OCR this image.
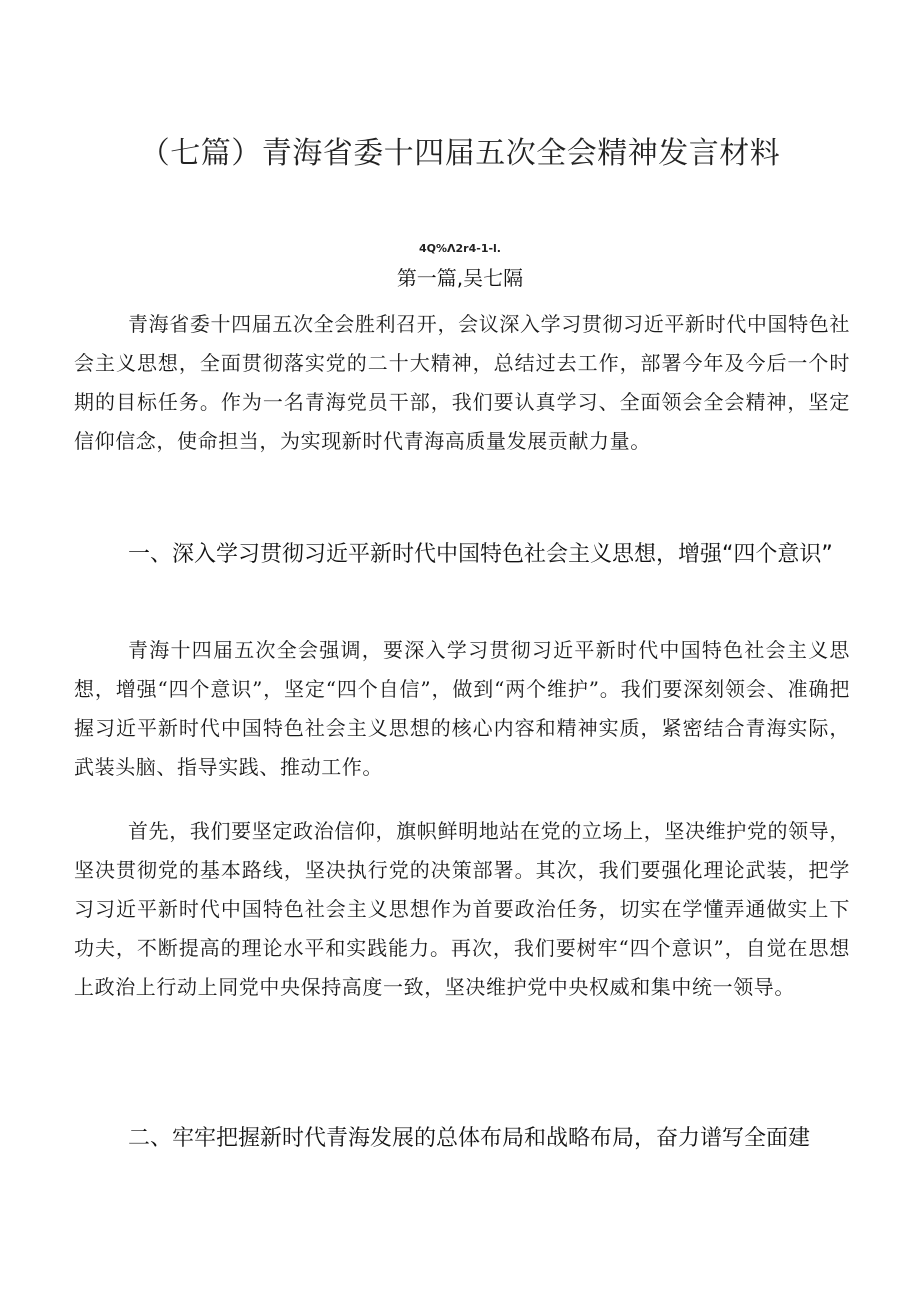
（七篇）青海省委十四届五次全会精神发言材料
4Q%Λ2r4-1-l.
第一篇,吴七隔
青海省委十四届五次全会胜利召开，会议深入学习贯彻习近平新时代中国特色社会主义思想，全面贯彻落实党的二十大精神，总结过去工作，部署今年及今后一个时期的目标任务。作为一名青海党员干部，我们要认真学习、全面领会全会精神，坚定信仰信念，使命担当，为实现新时代青海高质量发展贡献力量。
一、深入学习贯彻习近平新时代中国特色社会主义思想，增强“四个意识”
青海十四届五次全会强调，要深入学习贯彻习近平新时代中国特色社会主义思想，增强“四个意识”，坚定“四个自信”，做到“两个维护”。我们要深刻领会、准确把握习近平新时代中国特色社会主义思想的核心内容和精神实质，紧密结合青海实际，武装头脑、指导实践、推动工作。
首先，我们要坚定政治信仰，旗帜鲜明地站在党的立场上，坚决维护党的领导，坚决贯彻党的基本路线，坚决执行党的决策部署。其次，我们要强化理论武装，把学习习近平新时代中国特色社会主义思想作为首要政治任务，切实在学懂弄通做实上下功夫，不断提高的理论水平和实践能力。再次，我们要树牢“四个意识”，自觉在思想上政治上行动上同党中央保持高度一致，坚决维护党中央权威和集中统一领导。
二、牢牢把握新时代青海发展的总体布局和战略布局，奋力谱写全面建
